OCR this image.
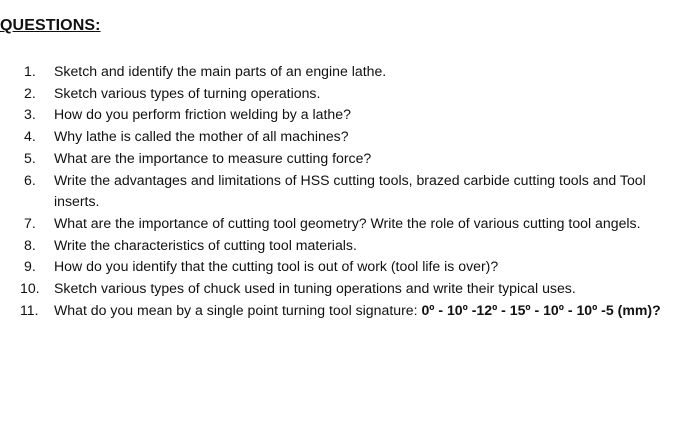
QUESTIONS:
1.	Sketch and identify the main parts of an engine lathe.
2.	Sketch various types of turning operations.
3.	How do you perform friction welding by a lathe?
4.	Why lathe is called the mother of all machines?
5.	What are the importance to measure cutting force?
6.	Write the advantages and limitations of HSS cutting tools, brazed carbide cutting tools and Tool inserts.
7.	What are the importance of cutting tool geometry? Write the role of various cutting tool angels.
8.	Write the characteristics of cutting tool materials.
9.	How do you identify that the cutting tool is out of work (tool life is over)?
10.	Sketch various types of chuck used in tuning operations and write their typical uses.
11.	What do you mean by a single point turning tool signature: 0º - 10º -12º - 15º - 10º - 10º -5 (mm)?
